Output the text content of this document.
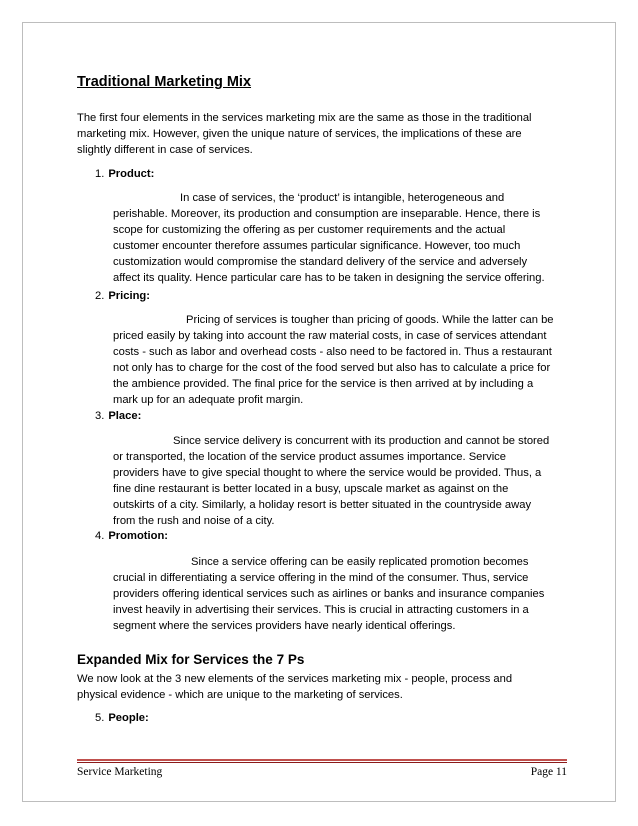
Traditional Marketing Mix
The first four elements in the services marketing mix are the same as those in the traditional
marketing mix. However, given the unique nature of services, the implications of these are
slightly different in case of services.
1. Product:
In case of services, the ‘product’ is intangible, heterogeneous and
perishable. Moreover, its production and consumption are inseparable. Hence, there is
scope for customizing the offering as per customer requirements and the actual
customer encounter therefore assumes particular significance. However, too much
customization would compromise the standard delivery of the service and adversely
affect its quality. Hence particular care has to be taken in designing the service offering.
2. Pricing:
Pricing of services is tougher than pricing of goods. While the latter can be
priced easily by taking into account the raw material costs, in case of services attendant
costs - such as labor and overhead costs - also need to be factored in. Thus a restaurant
not only has to charge for the cost of the food served but also has to calculate a price for
the ambience provided. The final price for the service is then arrived at by including a
mark up for an adequate profit margin.
3. Place:
Since service delivery is concurrent with its production and cannot be stored
or transported, the location of the service product assumes importance. Service
providers have to give special thought to where the service would be provided. Thus, a
fine dine restaurant is better located in a busy, upscale market as against on the
outskirts of a city. Similarly, a holiday resort is better situated in the countryside away
from the rush and noise of a city.
4. Promotion:
Since a service offering can be easily replicated promotion becomes
crucial in differentiating a service offering in the mind of the consumer. Thus, service
providers offering identical services such as airlines or banks and insurance companies
invest heavily in advertising their services. This is crucial in attracting customers in a
segment where the services providers have nearly identical offerings.
Expanded Mix for Services the 7 Ps
We now look at the 3 new elements of the services marketing mix - people, process and
physical evidence - which are unique to the marketing of services.
5. People:
Service Marketing	Page 11
